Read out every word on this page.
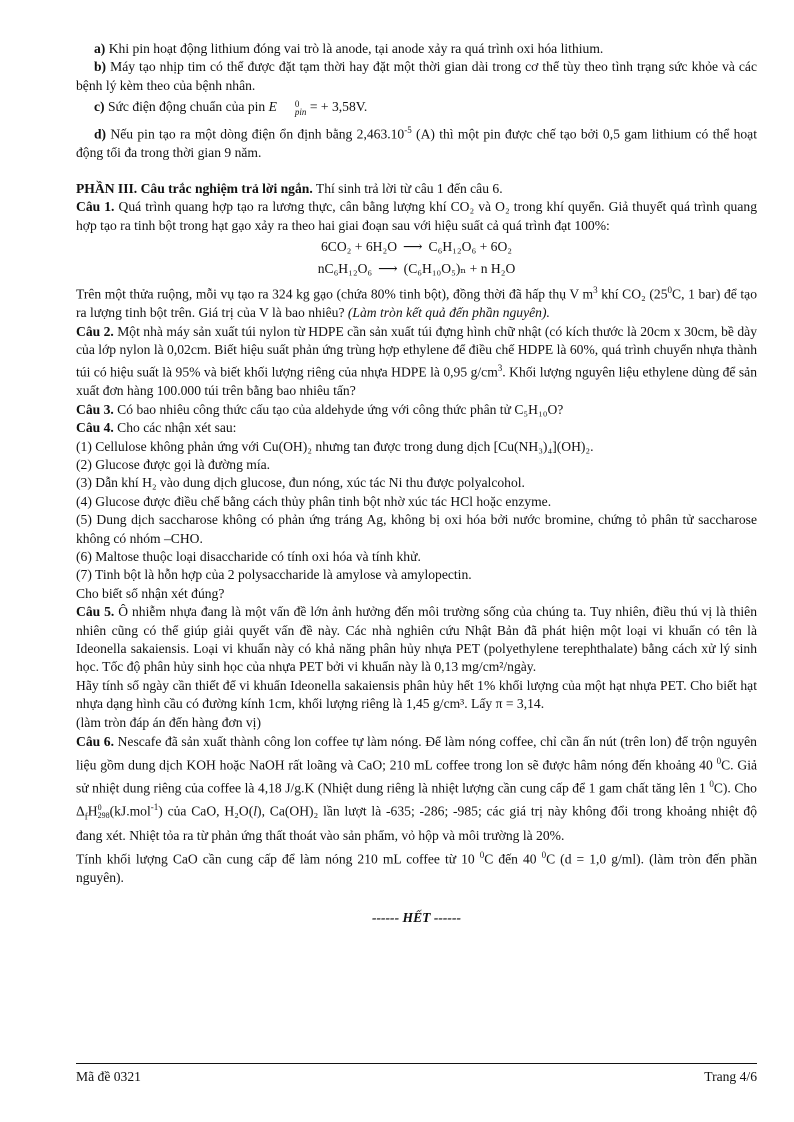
a) Khi pin hoạt động lithium đóng vai trò là anode, tại anode xảy ra quá trình oxi hóa lithium.

b) Máy tạo nhịp tim có thể được đặt tạm thời hay đặt một thời gian dài trong cơ thể tùy theo tình trạng sức khỏe và các bệnh lý kèm theo của bệnh nhân.

c) Sức điện động chuẩn của pin E	0
pin = + 3,58V.

d) Nếu pin tạo ra một dòng điện ổn định bằng $2,463.10^{-5}$ (A) thì một pin được chế tạo bởi 0,5 gam lithium có thể hoạt động tối đa trong thời gian 9 năm.

PHẦN III. Câu trắc nghiệm trả lời ngắn. Thí sinh trả lời từ câu 1 đến câu 6.

Câu 1. Quá trình quang hợp tạo ra lương thực, cân bằng lượng khí CO₂ và O₂ trong khí quyển. Giả thuyết quá trình quang hợp tạo ra tinh bột trong hạt gạo xảy ra theo hai giai đoạn sau với hiệu suất cả quá trình đạt 100%:

6CO₂ + 6H₂O ⟶ C₆H₁₂O₆ + 6O₂
nC₆H₁₂O₆ ⟶ (C₆H₁₀O₅)ₙ + n H₂O

Trên một thửa ruộng, mỗi vụ tạo ra 324 kg gạo (chứa 80% tinh bột), đồng thời đã hấp thụ V $m^3$ khí CO₂ ($25^0C$, 1 bar) để tạo ra lượng tinh bột trên. Giá trị của V là bao nhiêu? (Làm tròn kết quả đến phần nguyên).

Câu 2. Một nhà máy sản xuất túi nylon từ HDPE cần sản xuất túi đựng hình chữ nhật (có kích thước là 20cm x 30cm, bề dày của lớp nylon là 0,02cm. Biết hiệu suất phản ứng trùng hợp ethylene để điều chế HDPE là 60%, quá trình chuyển nhựa thành túi có hiệu suất là 95% và biết khối lượng riêng của nhựa HDPE là 0,95 $g/cm^3$. Khối lượng nguyên liệu ethylene dùng để sản xuất đơn hàng 100.000 túi trên bằng bao nhiêu tấn?

Câu 3. Có bao nhiêu công thức cấu tạo của aldehyde ứng với công thức phân tử C₅H₁₀O?

Câu 4. Cho các nhận xét sau:

(1) Cellulose không phản ứng với Cu(OH)₂ nhưng tan được trong dung dịch [Cu(NH₃)₄](OH)₂.

(2) Glucose được gọi là đường mía.

(3) Dẫn khí H₂ vào dung dịch glucose, đun nóng, xúc tác Ni thu được polyalcohol.

(4) Glucose được điều chế bằng cách thủy phân tinh bột nhờ xúc tác HCl hoặc enzyme.

(5) Dung dịch saccharose không có phản ứng tráng Ag, không bị oxi hóa bởi nước bromine, chứng tỏ phân tử saccharose không có nhóm –CHO.

(6) Maltose thuộc loại disaccharide có tính oxi hóa và tính khử.

(7) Tinh bột là hỗn hợp của 2 polysaccharide là amylose và amylopectin.

Cho biết số nhận xét đúng?

Câu 5. Ô nhiễm nhựa đang là một vấn đề lớn ảnh hưởng đến môi trường sống của chúng ta. Tuy nhiên, điều thú vị là thiên nhiên cũng có thể giúp giải quyết vấn đề này. Các nhà nghiên cứu Nhật Bản đã phát hiện một loại vi khuẩn có tên là Ideonella sakaiensis. Loại vi khuẩn này có khả năng phân hủy nhựa PET (polyethylene terephthalate) bằng cách xử lý sinh học. Tốc độ phân hủy sinh học của nhựa PET bởi vi khuẩn này là 0,13 mg/cm²/ngày.

Hãy tính số ngày cần thiết để vi khuẩn Ideonella sakaiensis phân hủy hết 1% khối lượng của một hạt nhựa PET. Cho biết hạt nhựa dạng hình cầu có đường kính 1cm, khối lượng riêng là 1,45 g/cm³. Lấy π = 3,14.

(làm tròn đáp án đến hàng đơn vị)

Câu 6. Nescafe đã sản xuất thành công lon coffee tự làm nóng. Để làm nóng coffee, chỉ cần ấn nút (trên lon) để trộn nguyên liệu gồm dung dịch KOH hoặc NaOH rất loãng và CaO; 210 mL coffee trong lon sẽ được hâm nóng đến khoảng 40 $^0$C. Giả sử nhiệt dung riêng của coffee là 4,18 J/g.K (Nhiệt dung riêng là nhiệt lượng cần cung cấp để 1 gam chất tăng lên 1 $^0$C). Cho $\Delta_fH$ 0
298 (kJ.mol$^{-1}$) của CaO, H₂O(l), Ca(OH)₂ lần lượt là -635; -286; -985; các giá trị này không đổi trong khoảng nhiệt độ đang xét. Nhiệt tỏa ra từ phản ứng thất thoát vào sản phẩm, vỏ hộp và môi trường là 20%.

Tính khối lượng CaO cần cung cấp để làm nóng 210 mL coffee từ 10 $^0$C đến 40 $^0$C (d = 1,0 g/ml). (làm tròn đến phần nguyên).

------ HẾT ------

Mã đề 0321	Trang 4/6
